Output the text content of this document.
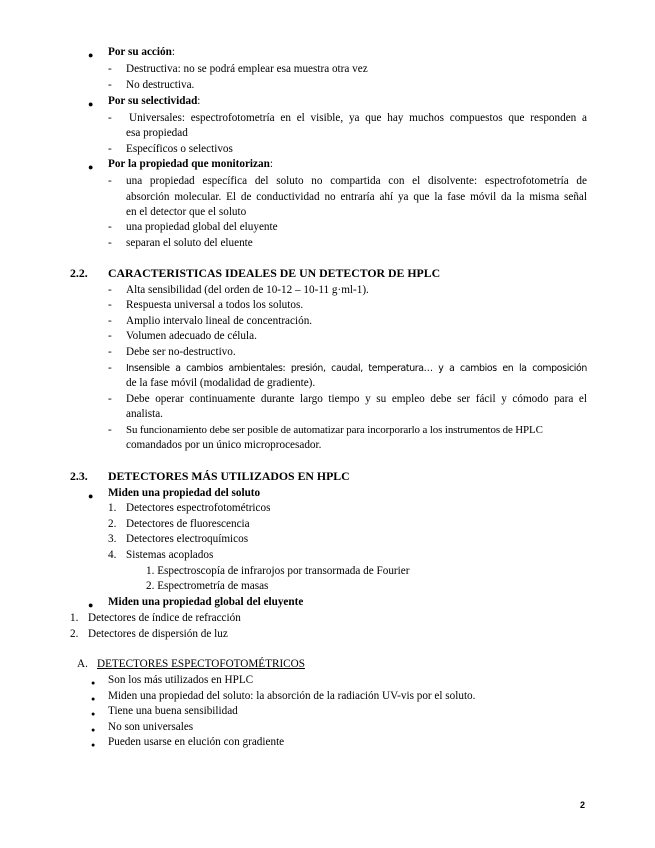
● Por su acción:
- Destructiva: no se podrá emplear esa muestra otra vez
- No destructiva.
● Por su selectividad:
- Universales: espectrofotometría en el visible, ya que hay muchos compuestos que responden a
esa propiedad
- Específicos o selectivos
● Por la propiedad que monitorizan:
- una propiedad específica del soluto no compartida con el disolvente: espectrofotometría de
absorción molecular. El de conductividad no entraría ahí ya que la fase móvil da la misma señal
en el detector que el soluto
- una propiedad global del eluyente
- separan el soluto del eluente
2.2. CARACTERISTICAS IDEALES DE UN DETECTOR DE HPLC
- Alta sensibilidad (del orden de 10-12 – 10-11 g·ml-1).
- Respuesta universal a todos los solutos.
- Amplio intervalo lineal de concentración.
- Volumen adecuado de célula.
- Debe ser no-destructivo.
- Insensible a cambios ambientales: presión, caudal, temperatura… y a cambios en la composición
de la fase móvil (modalidad de gradiente).
- Debe operar continuamente durante largo tiempo y su empleo debe ser fácil y cómodo para el
analista.
- Su funcionamiento debe ser posible de automatizar para incorporarlo a los instrumentos de HPLC
comandados por un único microprocesador.
2.3. DETECTORES MÁS UTILIZADOS EN HPLC
● Miden una propiedad del soluto
1. Detectores espectrofotométricos
2. Detectores de fluorescencia
3. Detectores electroquímicos
4. Sistemas acoplados
1. Espectroscopía de infrarojos por transormada de Fourier
2. Espectrometría de masas
● Miden una propiedad global del eluyente
1. Detectores de índice de refracción
2. Detectores de dispersión de luz
A. DETECTORES ESPECTOFOTOMÉTRICOS
● Son los más utilizados en HPLC
● Miden una propiedad del soluto: la absorción de la radiación UV-vis por el soluto.
● Tiene una buena sensibilidad
● No son universales
● Pueden usarse en elución con gradiente
2
